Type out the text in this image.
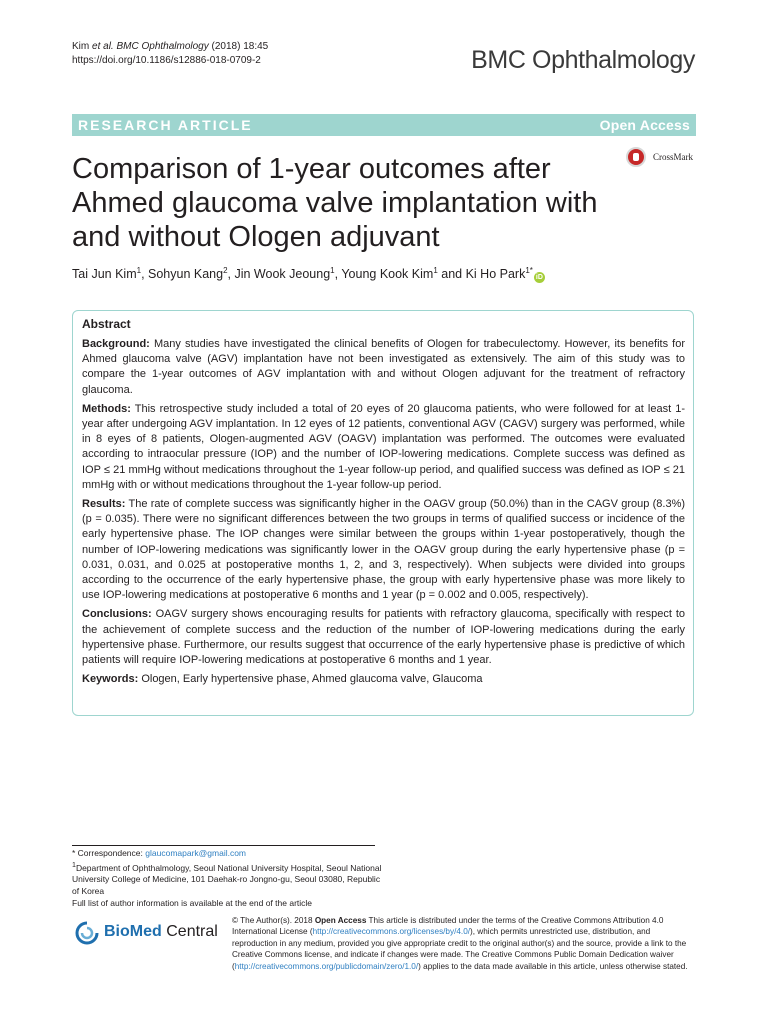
Kim et al. BMC Ophthalmology (2018) 18:45
https://doi.org/10.1186/s12886-018-0709-2	BMC Ophthalmology
RESEARCH ARTICLE	Open Access
Comparison of 1-year outcomes after Ahmed glaucoma valve implantation with and without Ologen adjuvant
CrossMark
Tai Jun Kim$^1$, Sohyun Kang$^2$, Jin Wook Jeoung$^1$, Young Kook Kim$^1$ and Ki Ho Park$^{1*}$iD
Abstract

Background: Many studies have investigated the clinical benefits of Ologen for trabeculectomy. However, its benefits for Ahmed glaucoma valve (AGV) implantation have not been investigated as extensively. The aim of this study was to compare the 1-year outcomes of AGV implantation with and without Ologen adjuvant for the treatment of refractory glaucoma.

Methods: This retrospective study included a total of 20 eyes of 20 glaucoma patients, who were followed for at least 1-year after undergoing AGV implantation. In 12 eyes of 12 patients, conventional AGV (CAGV) surgery was performed, while in 8 eyes of 8 patients, Ologen-augmented AGV (OAGV) implantation was performed. The outcomes were evaluated according to intraocular pressure (IOP) and the number of IOP-lowering medications. Complete success was defined as IOP ≤ 21 mmHg without medications throughout the 1-year follow-up period, and qualified success was defined as IOP ≤ 21 mmHg with or without medications throughout the 1-year follow-up period.

Results: The rate of complete success was significantly higher in the OAGV group (50.0%) than in the CAGV group (8.3%) (p = 0.035). There were no significant differences between the two groups in terms of qualified success or incidence of the early hypertensive phase. The IOP changes were similar between the groups within 1-year postoperatively, though the number of IOP-lowering medications was significantly lower in the OAGV group during the early hypertensive phase (p = 0.031, 0.031, and 0.025 at postoperative months 1, 2, and 3, respectively). When subjects were divided into groups according to the occurrence of the early hypertensive phase, the group with early hypertensive phase was more likely to use IOP-lowering medications at postoperative 6 months and 1 year (p = 0.002 and 0.005, respectively).

Conclusions: OAGV surgery shows encouraging results for patients with refractory glaucoma, specifically with respect to the achievement of complete success and the reduction of the number of IOP-lowering medications during the early hypertensive phase. Furthermore, our results suggest that occurrence of the early hypertensive phase is predictive of which patients will require IOP-lowering medications at postoperative 6 months and 1 year.

Keywords: Ologen, Early hypertensive phase, Ahmed glaucoma valve, Glaucoma

* Correspondence: glaucomapark@gmail.com
$^1$Department of Ophthalmology, Seoul National University Hospital, Seoul National University College of Medicine, 101 Daehak-ro Jongno-gu, Seoul 03080, Republic of Korea
Full list of author information is available at the end of the article
BioMed Central
© The Author(s). 2018 Open Access This article is distributed under the terms of the Creative Commons Attribution 4.0 International License (http://creativecommons.org/licenses/by/4.0/), which permits unrestricted use, distribution, and reproduction in any medium, provided you give appropriate credit to the original author(s) and the source, provide a link to the Creative Commons license, and indicate if changes were made. The Creative Commons Public Domain Dedication waiver (http://creativecommons.org/publicdomain/zero/1.0/) applies to the data made available in this article, unless otherwise stated.
